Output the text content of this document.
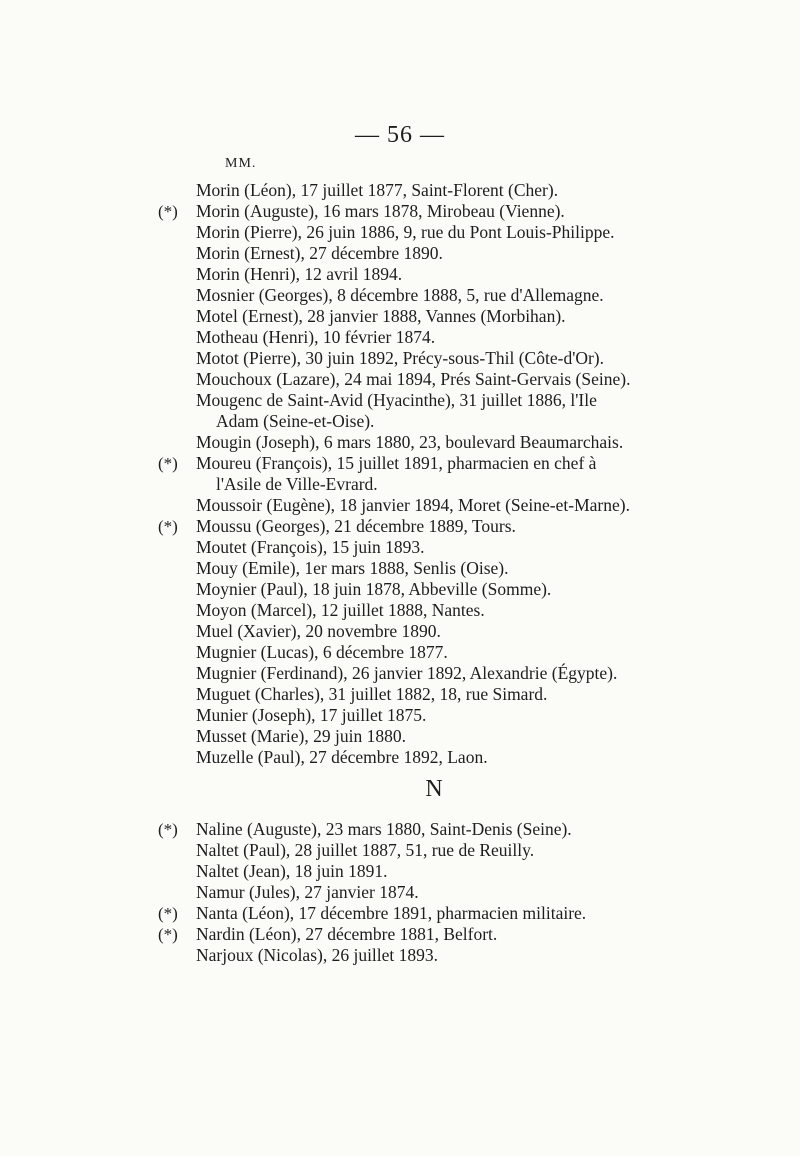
— 56 —
MM.
Morin (Léon), 17 juillet 1877, Saint-Florent (Cher).
(*) Morin (Auguste), 16 mars 1878, Mirobeau (Vienne).
Morin (Pierre), 26 juin 1886, 9, rue du Pont Louis-Philippe.
Morin (Ernest), 27 décembre 1890.
Morin (Henri), 12 avril 1894.
Mosnier (Georges), 8 décembre 1888, 5, rue d'Allemagne.
Motel (Ernest), 28 janvier 1888, Vannes (Morbihan).
Motheau (Henri), 10 février 1874.
Motot (Pierre), 30 juin 1892, Précy-sous-Thil (Côte-d'Or).
Mouchoux (Lazare), 24 mai 1894, Prés Saint-Gervais (Seine).
Mougenc de Saint-Avid (Hyacinthe), 31 juillet 1886, l'Ile
Adam (Seine-et-Oise).
Mougin (Joseph), 6 mars 1880, 23, boulevard Beaumarchais.
(*) Moureu (François), 15 juillet 1891, pharmacien en chef à
l'Asile de Ville-Evrard.
Moussoir (Eugène), 18 janvier 1894, Moret (Seine-et-Marne).
(*) Moussu (Georges), 21 décembre 1889, Tours.
Moutet (François), 15 juin 1893.
Mouy (Emile), 1er mars 1888, Senlis (Oise).
Moynier (Paul), 18 juin 1878, Abbeville (Somme).
Moyon (Marcel), 12 juillet 1888, Nantes.
Muel (Xavier), 20 novembre 1890.
Mugnier (Lucas), 6 décembre 1877.
Mugnier (Ferdinand), 26 janvier 1892, Alexandrie (Égypte).
Muguet (Charles), 31 juillet 1882, 18, rue Simard.
Munier (Joseph), 17 juillet 1875.
Musset (Marie), 29 juin 1880.
Muzelle (Paul), 27 décembre 1892, Laon.
N
(*) Naline (Auguste), 23 mars 1880, Saint-Denis (Seine).
Naltet (Paul), 28 juillet 1887, 51, rue de Reuilly.
Naltet (Jean), 18 juin 1891.
Namur (Jules), 27 janvier 1874.
(*) Nanta (Léon), 17 décembre 1891, pharmacien militaire.
(*) Nardin (Léon), 27 décembre 1881, Belfort.
Narjoux (Nicolas), 26 juillet 1893.
